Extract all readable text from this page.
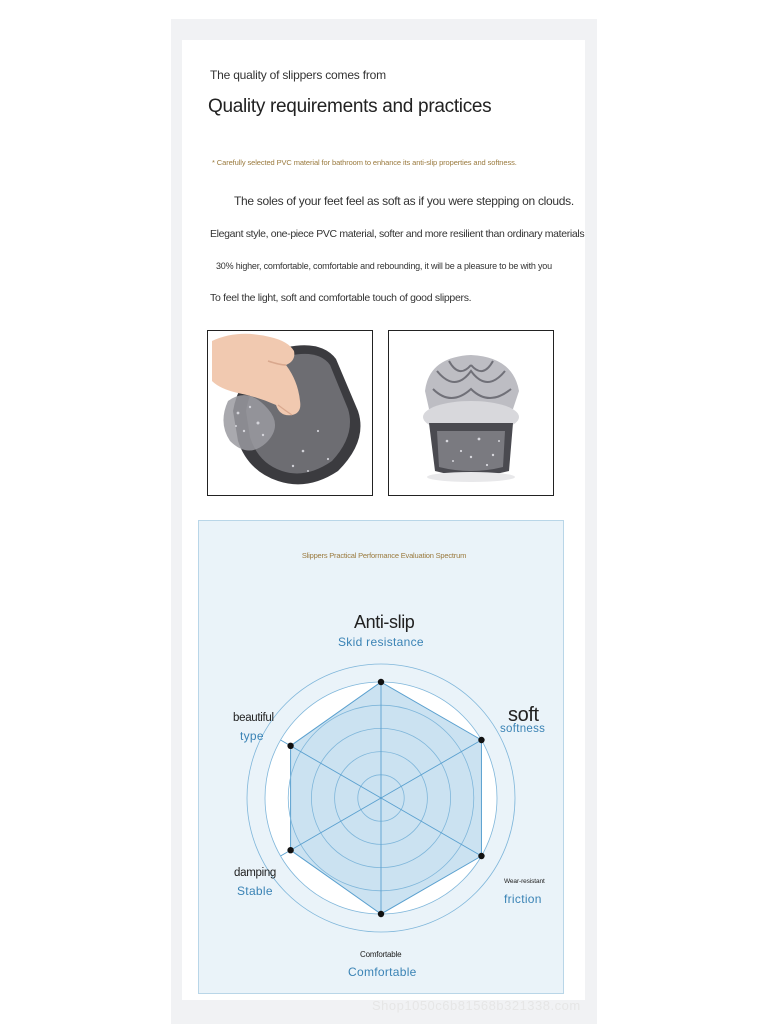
The quality of slippers comes from

Quality requirements and practices

* Carefully selected PVC material for bathroom to enhance its anti-slip properties and softness.

The soles of your feet feel as soft as if you were stepping on clouds.

Elegant style, one-piece PVC material, softer and more resilient than ordinary materials

30% higher, comfortable, comfortable and rebounding, it will be a pleasure to be with you

To feel the light, soft and comfortable touch of good slippers.

Slippers Practical Performance Evaluation Spectrum

Anti-slip

Skid resistance

soft

softness

Wear-resistant

friction

Comfortable

Comfortable

damping

Stable

beautiful

type

Shop1050c6b81568b321338.com
